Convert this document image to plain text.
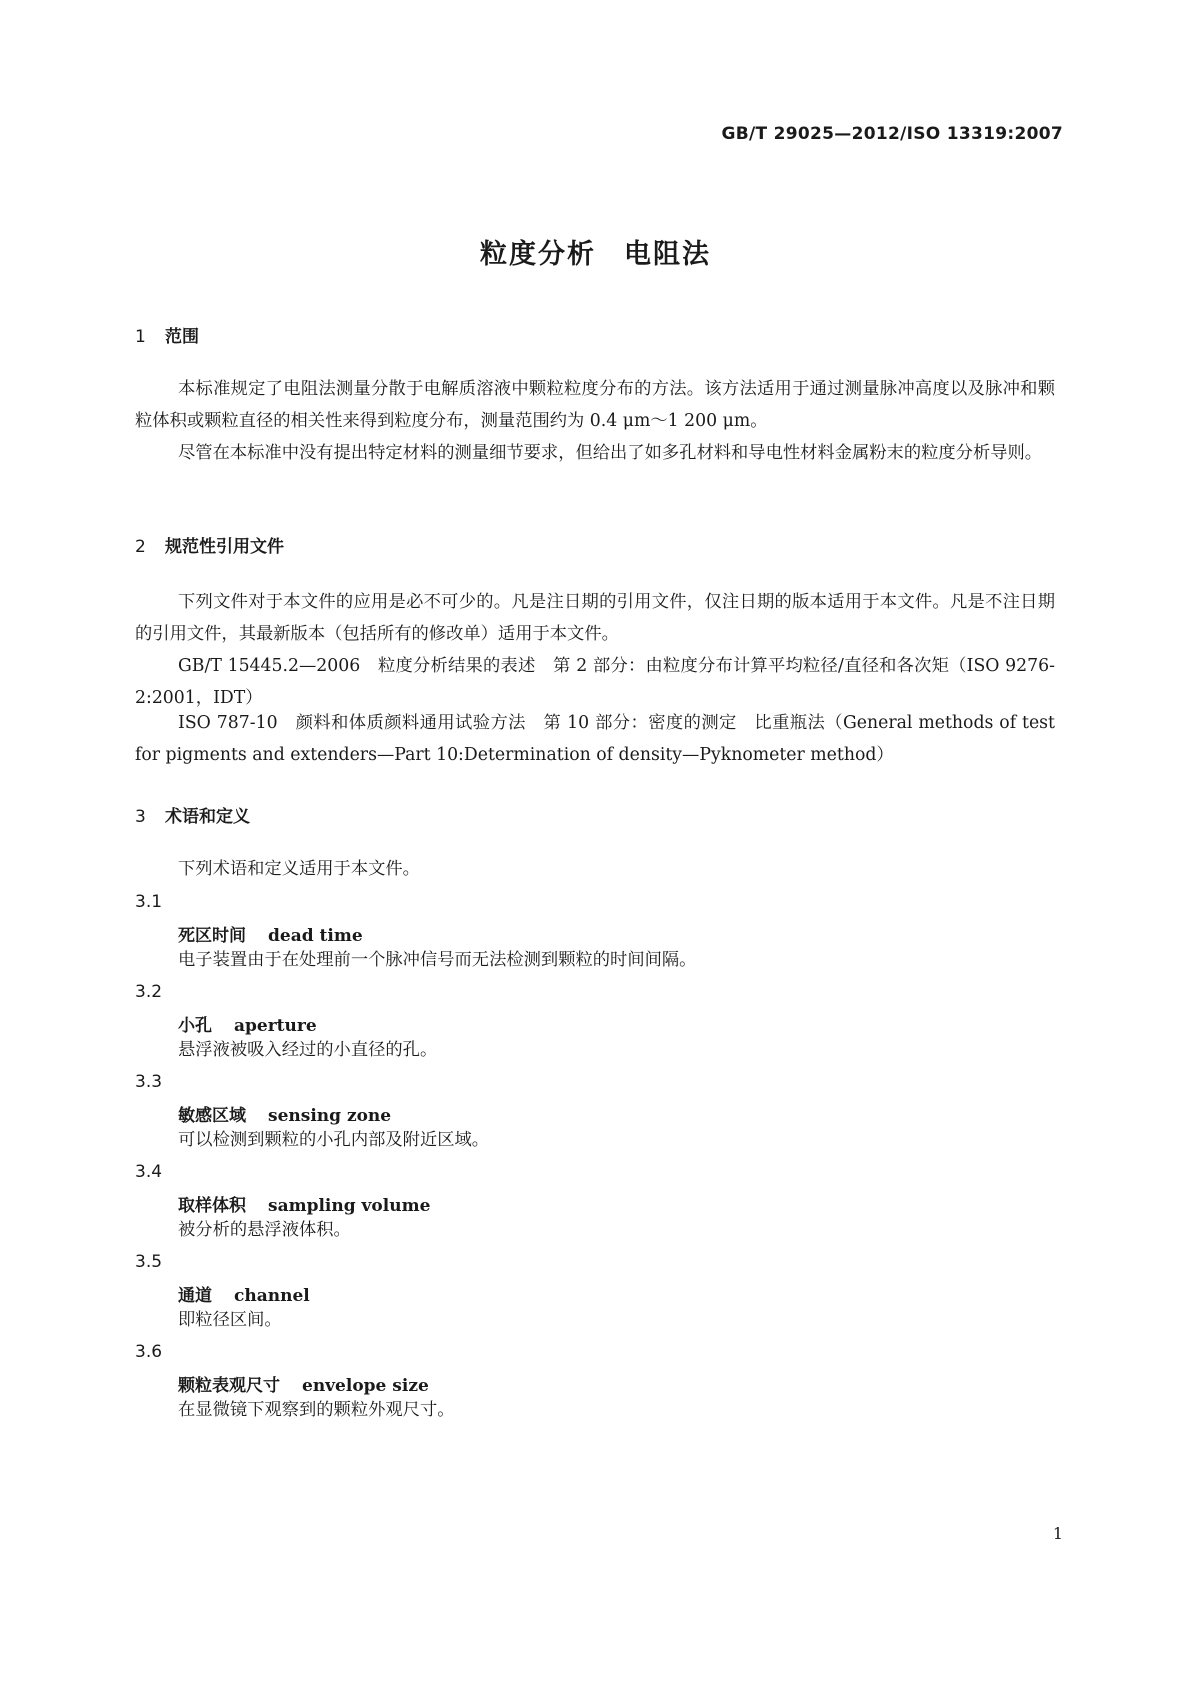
GB/T 29025—2012/ISO 13319:2007
粒度分析 电阻法
1 范围

本标准规定了电阻法测量分散于电解质溶液中颗粒粒度分布的方法。该方法适用于通过测量脉冲高度以及脉冲和颗粒体积或颗粒直径的相关性来得到粒度分布，测量范围约为 0.4 μm～1 200 μm。

尽管在本标准中没有提出特定材料的测量细节要求，但给出了如多孔材料和导电性材料金属粉末的粒度分析导则。

2 规范性引用文件

下列文件对于本文件的应用是必不可少的。凡是注日期的引用文件，仅注日期的版本适用于本文件。凡是不注日期的引用文件，其最新版本（包括所有的修改单）适用于本文件。

GB/T 15445.2—2006　粒度分析结果的表述　第 2 部分：由粒度分布计算平均粒径/直径和各次矩（ISO 9276-2:2001，IDT）

ISO 787-10　颜料和体质颜料通用试验方法　第 10 部分：密度的测定　比重瓶法（General methods of test for pigments and extenders—Part 10:Determination of density—Pyknometer method）

3 术语和定义
下列术语和定义适用于本文件。
3.1
死区时间 dead time
电子装置由于在处理前一个脉冲信号而无法检测到颗粒的时间间隔。
3.2
小孔 aperture
悬浮液被吸入经过的小直径的孔。
3.3
敏感区域 sensing zone
可以检测到颗粒的小孔内部及附近区域。
3.4
取样体积 sampling volume
被分析的悬浮液体积。
3.5
通道 channel
即粒径区间。
3.6
颗粒表观尺寸 envelope size
在显微镜下观察到的颗粒外观尺寸。
1
